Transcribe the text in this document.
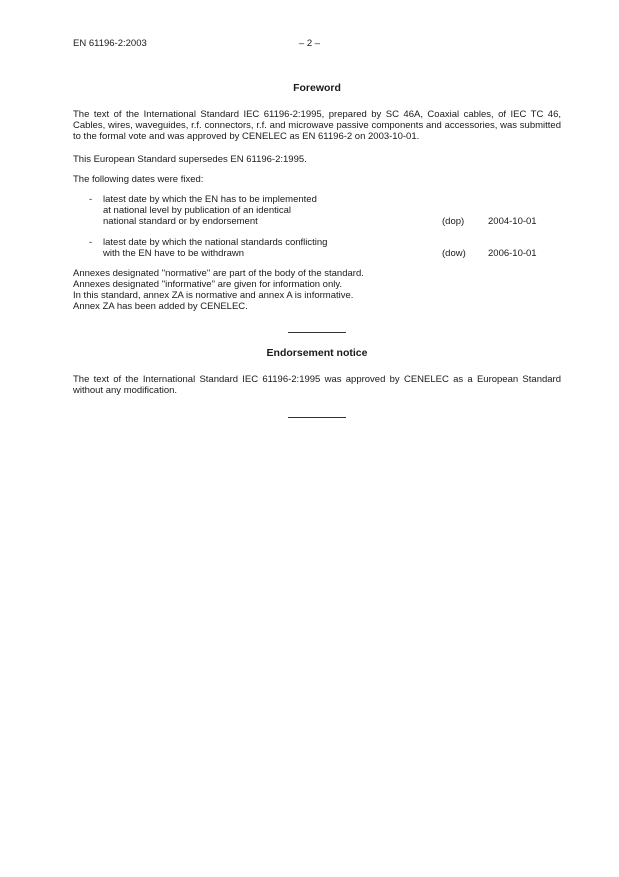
EN 61196-2:2003	– 2 –
Foreword

The text of the International Standard IEC 61196-2:1995, prepared by SC 46A, Coaxial cables, of IEC TC 46, Cables, wires, waveguides, r.f. connectors, r.f. and microwave passive components and accessories, was submitted to the formal vote and was approved by CENELEC as EN 61196-2 on 2003-10-01.

This European Standard supersedes EN 61196-2:1995.

The following dates were fixed:

- latest date by which the EN has to be implemented
at national level by publication of an identical
national standard or by endorsement	(dop)	2004-10-01
- latest date by which the national standards conflicting
with the EN have to be withdrawn	(dow) 2006-10-01
Annexes designated "normative" are part of the body of the standard.
Annexes designated "informative" are given for information only.
In this standard, annex ZA is normative and annex A is informative.
Annex ZA has been added by CENELEC.
Endorsement notice

The text of the International Standard IEC 61196-2:1995 was approved by CENELEC as a European Standard without any modification.
